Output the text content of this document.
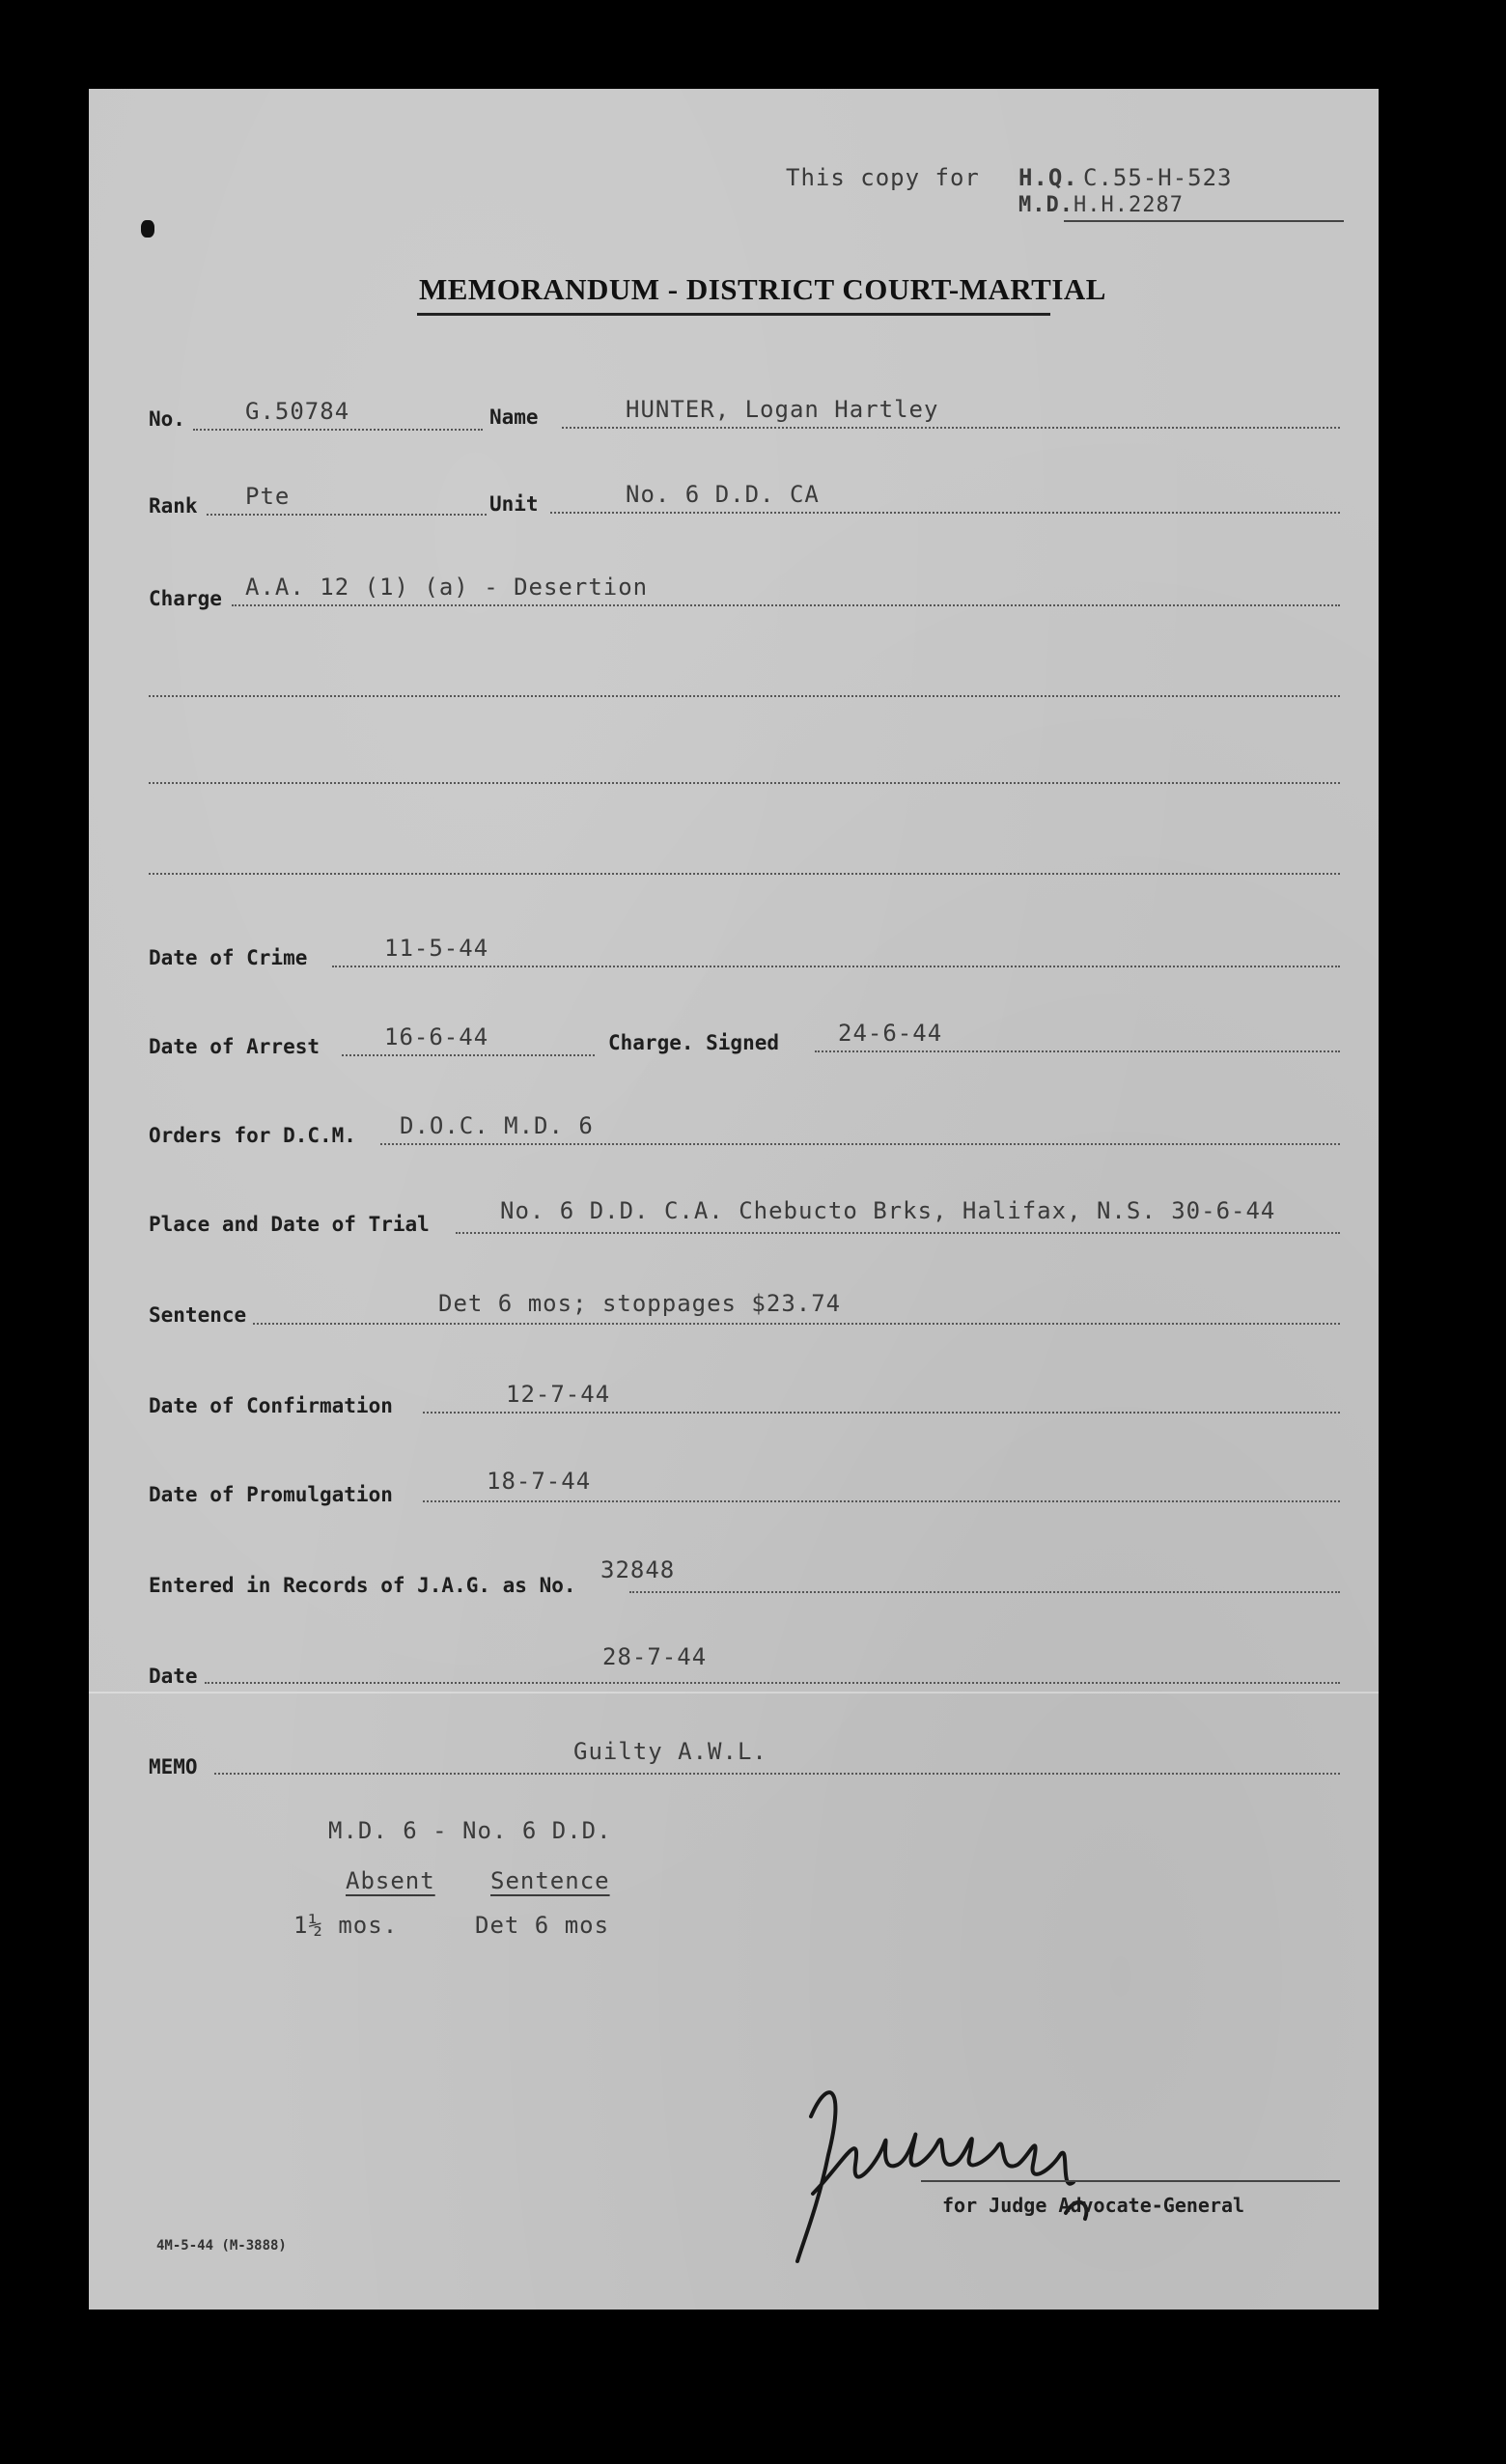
This copy for H.Q. C.55-H-523
M.D. H.H.2287
MEMORANDUM - DISTRICT COURT-MARTIAL
No.	G.50784	Name	HUNTER, Logan Hartley
Rank Pte	Unit	No. 6 D.D. CA
Charge A.A. 12 (1) (a) - Desertion
Date of Crime	11-5-44
Date of Arrest	16-6-44	Charge. Signed	24-6-44
Orders for D.C.M. D.O.C. M.D. 6
Place and Date of Trial	No. 6 D.D. C.A. Chebucto Brks, Halifax, N.S. 30-6-44
Sentence	Det 6 mos; stoppages $23.74
Date of Confirmation	12-7-44
Date of Promulgation	18-7-44
Entered in Records of J.A.G. as No.
32848
Date
28-7-44
MEMO
Guilty A.W.L.
M.D. 6 - No. 6 D.D.
Absent Sentence
1½ mos.	Det 6 mos
for Judge Advocate-General
4M-5-44 (M-3888)
